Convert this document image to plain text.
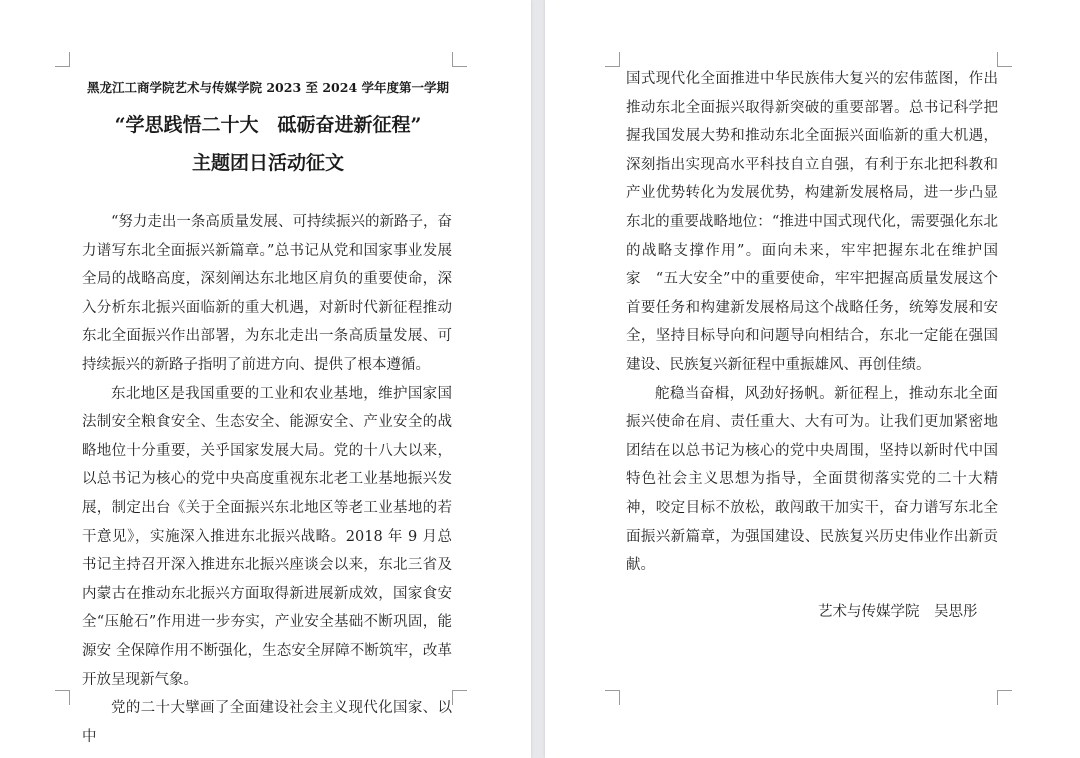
黑龙江工商学院艺术与传媒学院 2023 至 2024 学年度第一学期
“学思践悟二十大　砥砺奋进新征程”
主题团日活动征文

“努力走出一条高质量发展、可持续振兴的新路子，奋力谱写东北全面振兴新篇章。”总书记从党和国家事业发展全局的战略高度，深刻阐达东北地区肩负的重要使命，深入分析东北振兴面临新的重大机遇，对新时代新征程推动东北全面振兴作出部署，为东北走出一条高质量发展、可持续振兴的新路子指明了前进方向、提供了根本遵循。

东北地区是我国重要的工业和农业基地，维护国家国法制安全粮食安全、生态安全、能源安全、产业安全的战略地位十分重要，关乎国家发展大局。党的十八大以来，以总书记为核心的党中央高度重视东北老工业基地振兴发展，制定出台《关于全面振兴东北地区等老工业基地的若干意见》，实施深入推进东北振兴战略。2018 年 9 月总书记主持召开深入推进东北振兴座谈会以来，东北三省及内蒙古在推动东北振兴方面取得新进展新成效，国家食安全“压舱石”作用进一步夯实，产业安全基础不断巩固，能源安 全保障作用不断强化，生态安全屏障不断筑牢，改革开放呈现新气象。

党的二十大擘画了全面建设社会主义现代化国家、以中

国式现代化全面推进中华民族伟大复兴的宏伟蓝图，作出推动东北全面振兴取得新突破的重要部署。总书记科学把握我国发展大势和推动东北全面振兴面临新的重大机遇，深刻指出实现高水平科技自立自强，有利于东北把科教和产业优势转化为发展优势，构建新发展格局，进一步凸显东北的重要战略地位：“推进中国式现代化，需要强化东北的战略支撑作用”。面向未来，牢牢把握东北在维护国家　“五大安全”中的重要使命，牢牢把握高质量发展这个首要任务和构建新发展格局这个战略任务，统筹发展和安全，坚持目标导向和问题导向相结合，东北一定能在强国建设、民族复兴新征程中重振雄风、再创佳绩。

舵稳当奋楫，风劲好扬帆。新征程上，推动东北全面振兴使命在肩、责任重大、大有可为。让我们更加紧密地团结在以总书记为核心的党中央周围，坚持以新时代中国特色社会主义思想为指导，全面贯彻落实党的二十大精神，咬定目标不放松，敢闯敢干加实干，奋力谱写东北全面振兴新篇章，为强国建设、民族复兴历史伟业作出新贡献。

艺术与传媒学院　吴思彤
